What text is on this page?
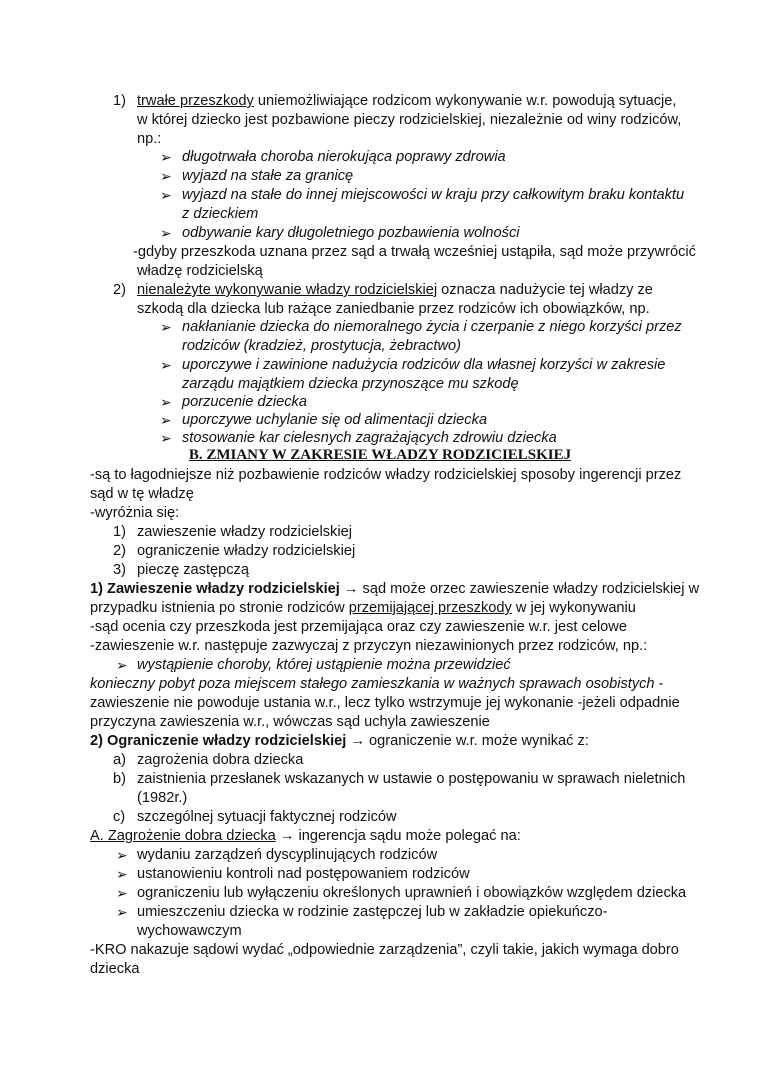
1) trwałe przeszkody uniemożliwiające rodzicom wykonywanie w.r. powodują sytuacje,
w której dziecko jest pozbawione pieczy rodzicielskiej, niezależnie od winy rodziców,
np.:
➢ długotrwała choroba nierokująca poprawy zdrowia
➢ wyjazd na stałe za granicę
➢ wyjazd na stałe do innej miejscowości w kraju przy całkowitym braku kontaktu
z dzieckiem
➢ odbywanie kary długoletniego pozbawienia wolności
-gdyby przeszkoda uznana przez sąd a trwałą wcześniej ustąpiła, sąd może przywrócić
władzę rodzicielską
2) nienależyte wykonywanie władzy rodzicielskiej oznacza nadużycie tej władzy ze
szkodą dla dziecka lub rażące zaniedbanie przez rodziców ich obowiązków, np.
➢ nakłanianie dziecka do niemoralnego życia i czerpanie z niego korzyści przez
rodziców (kradzież, prostytucja, żebractwo)
➢ uporczywe i zawinione nadużycia rodziców dla własnej korzyści w zakresie
zarządu majątkiem dziecka przynoszące mu szkodę
➢ porzucenie dziecka
➢ uporczywe uchylanie się od alimentacji dziecka
➢ stosowanie kar cielesnych zagrażających zdrowiu dziecka
B. ZMIANY W ZAKRESIE WŁADZY RODZICIELSKIEJ
-są to łagodniejsze niż pozbawienie rodziców władzy rodzicielskiej sposoby ingerencji przez
sąd w tę władzę
-wyróżnia się:
1) zawieszenie władzy rodzicielskiej
2) ograniczenie władzy rodzicielskiej
3) pieczę zastępczą
1) Zawieszenie władzy rodzicielskiej → sąd może orzec zawieszenie władzy rodzicielskiej w
przypadku istnienia po stronie rodziców przemijającej przeszkody w jej wykonywaniu
-sąd ocenia czy przeszkoda jest przemijająca oraz czy zawieszenie w.r. jest celowe
-zawieszenie w.r. następuje zazwyczaj z przyczyn niezawinionych przez rodziców, np.:
➢ wystąpienie choroby, której ustąpienie można przewidzieć
konieczny pobyt poza miejscem stałego zamieszkania w ważnych sprawach osobistych -
zawieszenie nie powoduje ustania w.r., lecz tylko wstrzymuje jej wykonanie -jeżeli odpadnie
przyczyna zawieszenia w.r., wówczas sąd uchyla zawieszenie
2) Ograniczenie władzy rodzicielskiej → ograniczenie w.r. może wynikać z:
a) zagrożenia dobra dziecka
b) zaistnienia przesłanek wskazanych w ustawie o postępowaniu w sprawach nieletnich
(1982r.)
c) szczególnej sytuacji faktycznej rodziców
A. Zagrożenie dobra dziecka → ingerencja sądu może polegać na:
➢ wydaniu zarządzeń dyscyplinujących rodziców
➢ ustanowieniu kontroli nad postępowaniem rodziców
➢ ograniczeniu lub wyłączeniu określonych uprawnień i obowiązków względem dziecka
➢ umieszczeniu dziecka w rodzinie zastępczej lub w zakładzie opiekuńczo-
wychowawczym
-KRO nakazuje sądowi wydać „odpowiednie zarządzenia”, czyli takie, jakich wymaga dobro
dziecka
